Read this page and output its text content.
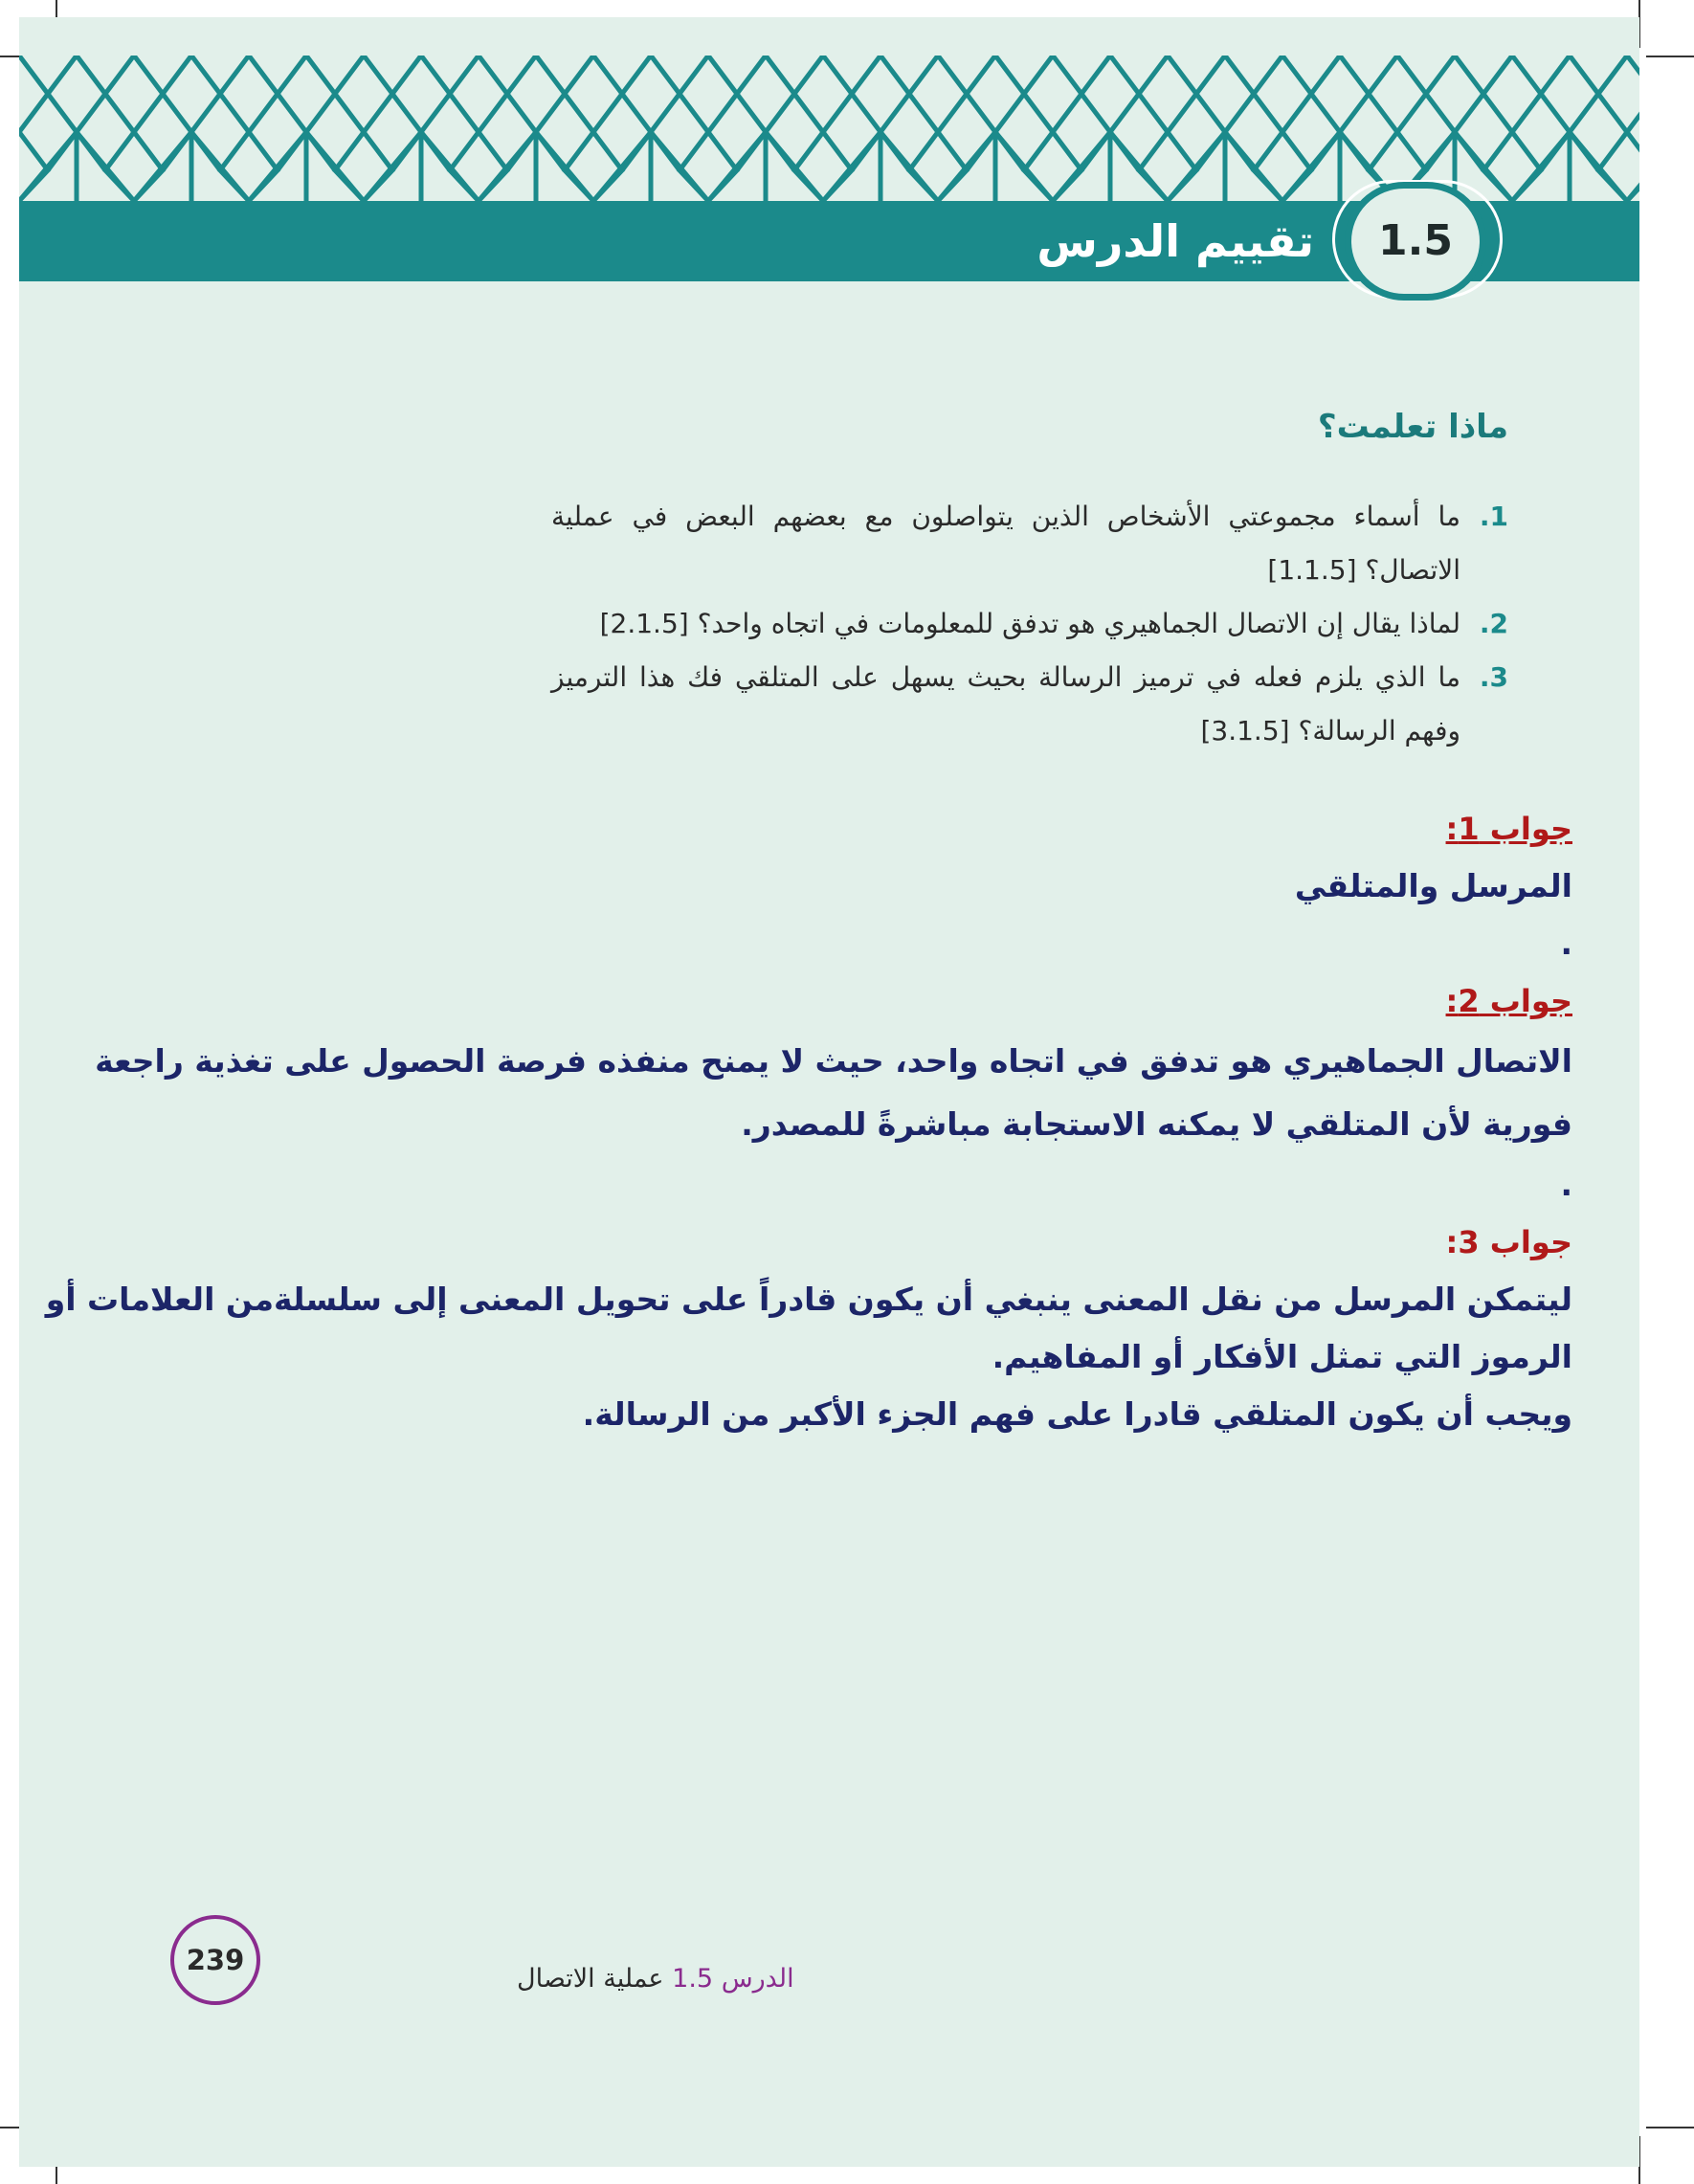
تقييم الدرس	1.5
ماذا تعلمت؟
1.
ما أسماء مجموعتي الأشخاص الذين يتواصلون مع بعضهم البعض في عملية الاتصال؟ [1.1.5]
2.
لماذا يقال إن الاتصال الجماهيري هو تدفق للمعلومات في اتجاه واحد؟ [2.1.5]
3.
ما الذي يلزم فعله في ترميز الرسالة بحيث يسهل على المتلقي فك هذا الترميز وفهم الرسالة؟ [3.1.5]
جواب 1:
المرسل والمتلقي
.
جواب 2:
الاتصال الجماهيري هو تدفق في اتجاه واحد، حيث لا يمنح منفذه فرصة الحصول على تغذية راجعة فورية لأن المتلقي لا يمكنه الاستجابة مباشرةً للمصدر.
.
جواب 3:
ليتمكن المرسل من نقل المعنى ينبغي أن يكون قادراً على تحويل المعنى إلى سلسلةمن العلامات أو الرموز التي تمثل الأفكار أو المفاهيم.
ويجب أن يكون المتلقي قادرا على فهم الجزء الأكبر من الرسالة.
الدرس 1.5 عملية الاتصال
239
